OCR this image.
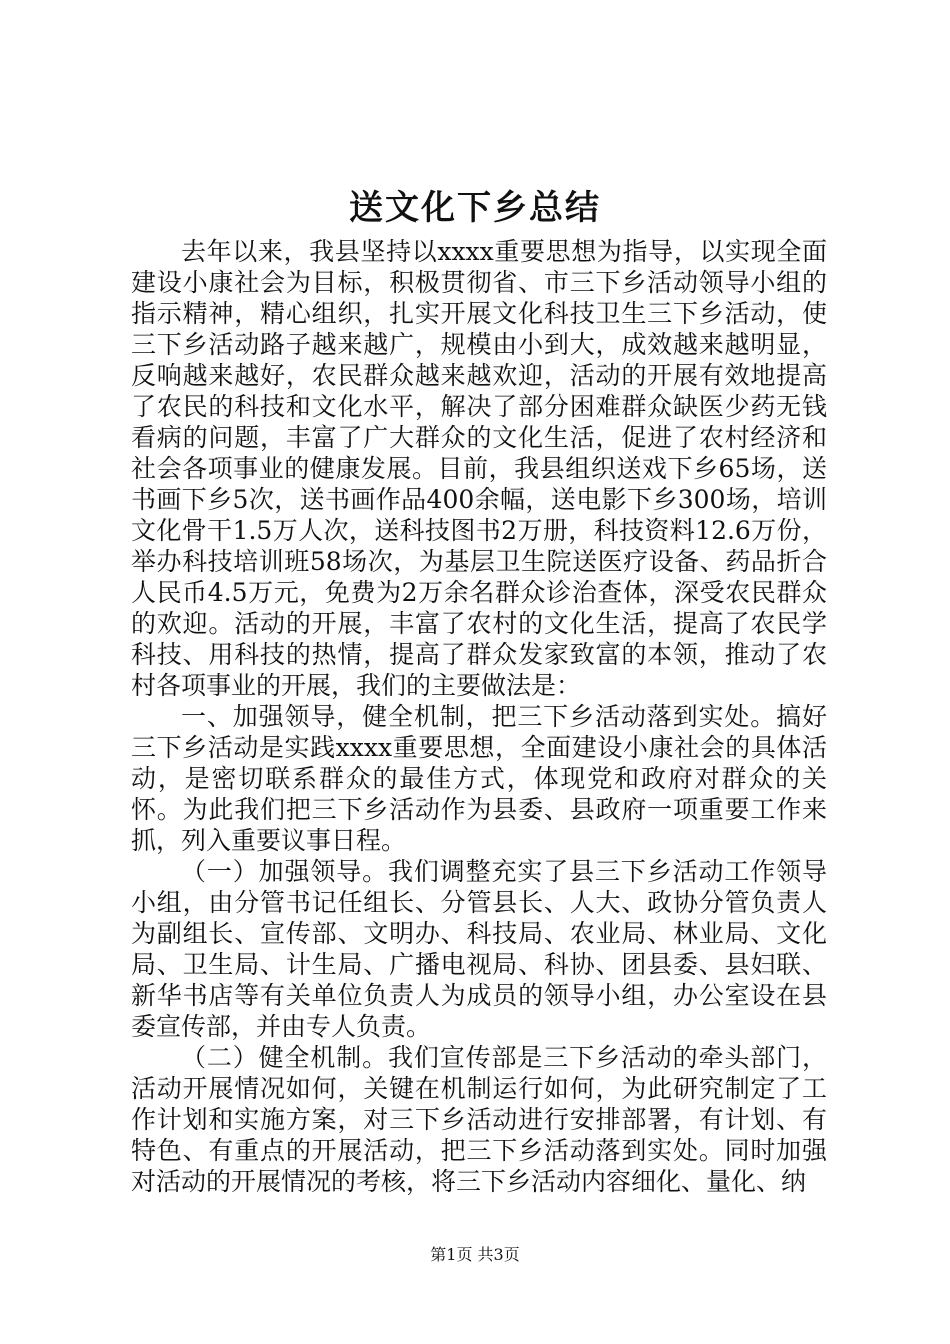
送文化下乡总结

去年以来，我县坚持以xxxx重要思想为指导，以实现全面建设小康社会为目标，积极贯彻省、市三下乡活动领导小组的指示精神，精心组织，扎实开展文化科技卫生三下乡活动，使三下乡活动路子越来越广，规模由小到大，成效越来越明显，反响越来越好，农民群众越来越欢迎，活动的开展有效地提高了农民的科技和文化水平，解决了部分困难群众缺医少药无钱看病的问题，丰富了广大群众的文化生活，促进了农村经济和社会各项事业的健康发展。目前，我县组织送戏下乡65场，送书画下乡5次，送书画作品400余幅，送电影下乡300场，培训文化骨干1.5万人次，送科技图书2万册，科技资料12.6万份，举办科技培训班58场次，为基层卫生院送医疗设备、药品折合人民币4.5万元，免费为2万余名群众诊治查体，深受农民群众的欢迎。活动的开展，丰富了农村的文化生活，提高了农民学科技、用科技的热情，提高了群众发家致富的本领，推动了农村各项事业的开展，我们的主要做法是：

一、加强领导，健全机制，把三下乡活动落到实处。搞好三下乡活动是实践xxxx重要思想，全面建设小康社会的具体活动，是密切联系群众的最佳方式，体现党和政府对群众的关怀。为此我们把三下乡活动作为县委、县政府一项重要工作来抓，列入重要议事日程。

（一）加强领导。我们调整充实了县三下乡活动工作领导小组，由分管书记任组长、分管县长、人大、政协分管负责人为副组长、宣传部、文明办、科技局、农业局、林业局、文化局、卫生局、计生局、广播电视局、科协、团县委、县妇联、新华书店等有关单位负责人为成员的领导小组，办公室设在县委宣传部，并由专人负责。

（二）健全机制。我们宣传部是三下乡活动的牵头部门，活动开展情况如何，关键在机制运行如何，为此研究制定了工作计划和实施方案，对三下乡活动进行安排部署，有计划、有特色、有重点的开展活动，把三下乡活动落到实处。同时加强对活动的开展情况的考核，将三下乡活动内容细化、量化、纳

第1页 共3页
